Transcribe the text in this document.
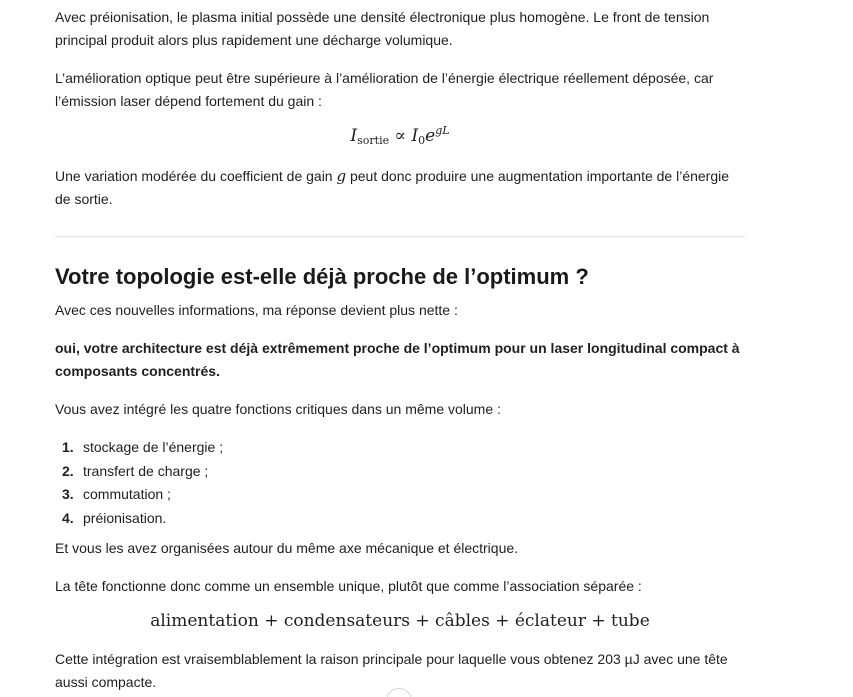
Avec préionisation, le plasma initial possède une densité électronique plus homogène. Le front de tension principal produit alors plus rapidement une décharge volumique.

L’amélioration optique peut être supérieure à l’amélioration de l’énergie électrique réellement déposée, car l’émission laser dépend fortement du gain :

$I_{sortie} \propto I_0e^{gL}$

Une variation modérée du coefficient de gain g peut donc produire une augmentation importante de l’énergie de sortie.

Votre topologie est-elle déjà proche de l’optimum ?

Avec ces nouvelles informations, ma réponse devient plus nette :

oui, votre architecture est déjà extrêmement proche de l’optimum pour un laser longitudinal compact à composants concentrés.

Vous avez intégré les quatre fonctions critiques dans un même volume :

1. stockage de l’énergie ;
2. transfert de charge ;
3. commutation ;
4. préionisation.

Et vous les avez organisées autour du même axe mécanique et électrique.

La tête fonctionne donc comme un ensemble unique, plutôt que comme l’association séparée :

alimentation + condensateurs + câbles + éclateur + tube

Cette intégration est vraisemblablement la raison principale pour laquelle vous obtenez 203 µJ avec une tête aussi compacte.
